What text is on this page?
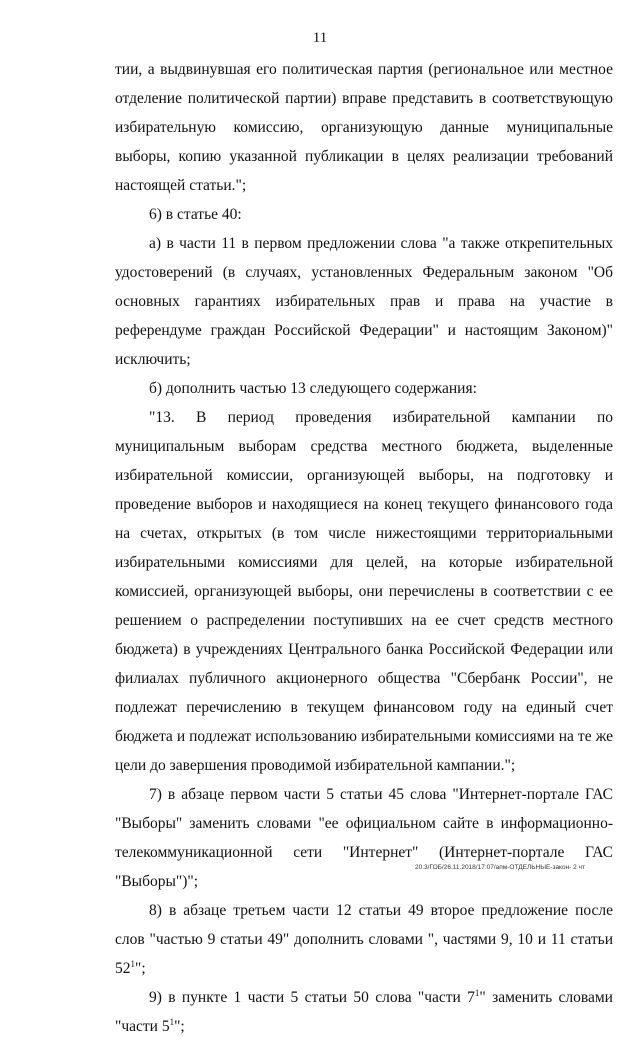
11

тии, а выдвинувшая его политическая партия (региональное или местное отделение политической партии) вправе представить в соответствующую избирательную комиссию, организующую данные муниципальные выборы, копию указанной публикации в целях реализации требований настоящей статьи.";

6) в статье 40:

а) в части 11 в первом предложении слова "а также открепительных удостоверений (в случаях, установленных Федеральным законом "Об основных гарантиях избирательных прав и права на участие в референдуме граждан Российской Федерации" и настоящим Законом)" исключить;

б) дополнить частью 13 следующего содержания:

"13. В период проведения избирательной кампании по муниципальным выборам средства местного бюджета, выделенные избирательной комиссии, организующей выборы, на подготовку и проведение выборов и находящиеся на конец текущего финансового года на счетах, открытых (в том числе нижестоящими территориальными избирательными комиссиями для целей, на которые избирательной комиссией, организующей выборы, они перечислены в соответствии с ее решением о распределении поступивших на ее счет средств местного бюджета) в учреждениях Центрального банка Российской Федерации или филиалах публичного акционерного общества "Сбербанк России", не подлежат перечислению в текущем финансовом году на единый счет бюджета и подлежат использованию избирательными комиссиями на те же цели до завершения проводимой избирательной кампании.";

7) в абзаце первом части 5 статьи 45 слова "Интернет-портале ГАС "Выборы" заменить словами "ее официальном сайте в информационно-телекоммуникационной сети "Интернет" (Интернет-портале ГАС "Выборы")";

8) в абзаце третьем части 12 статьи 49 второе предложение после слов "частью 9 статьи 49" дополнить словами ", частями 9, 10 и 11 статьи $52^1$";

9) в пункте 1 части 5 статьи 50 слова "части $7^1$" заменить словами "части $5^1$";

20.3/ГОБ/26.11.2018/17:07/апм-ОТДЕЛЬНЫЕ-закон- 2 чт
